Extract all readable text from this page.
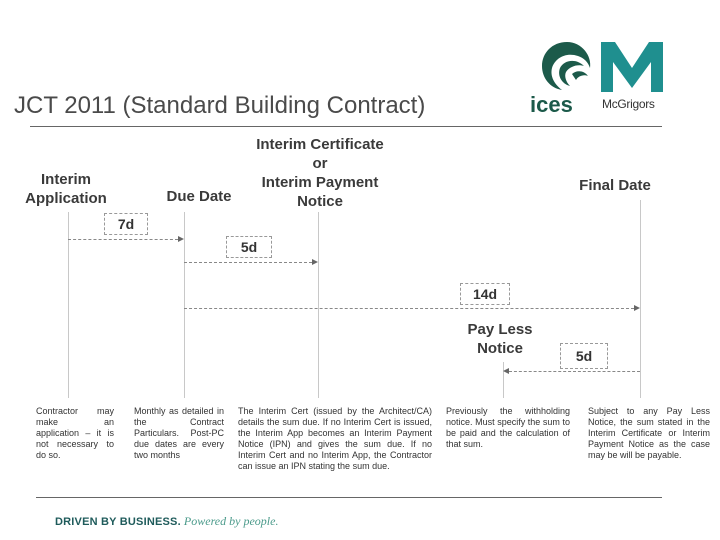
JCT 2011 (Standard Building Contract)	ices McGrigors
Interim Application	Due Date
Interim Certificate
or
Interim Payment
Notice
Final Date
7d
5d
14d
Pay Less
Notice	5d
Contractor may make an application – it is not necessary to do so.
Monthly as detailed in the Contract Particulars. Post-PC due dates are every two months
The Interim Cert (issued by the Architect/CA) details the sum due. If no Interim Cert is issued, the Interim App becomes an Interim Payment Notice (IPN) and gives the sum due. If no Interim Cert and no Interim App, the Contractor can issue an IPN stating the sum due.
Previously the withholding notice. Must specify the sum to be paid and the calculation of that sum.
Subject to any Pay Less Notice, the sum stated in the Interim Certificate or Interim Payment Notice as the case may be will be payable.
DRIVEN BY BUSINESS. Powered by people.
